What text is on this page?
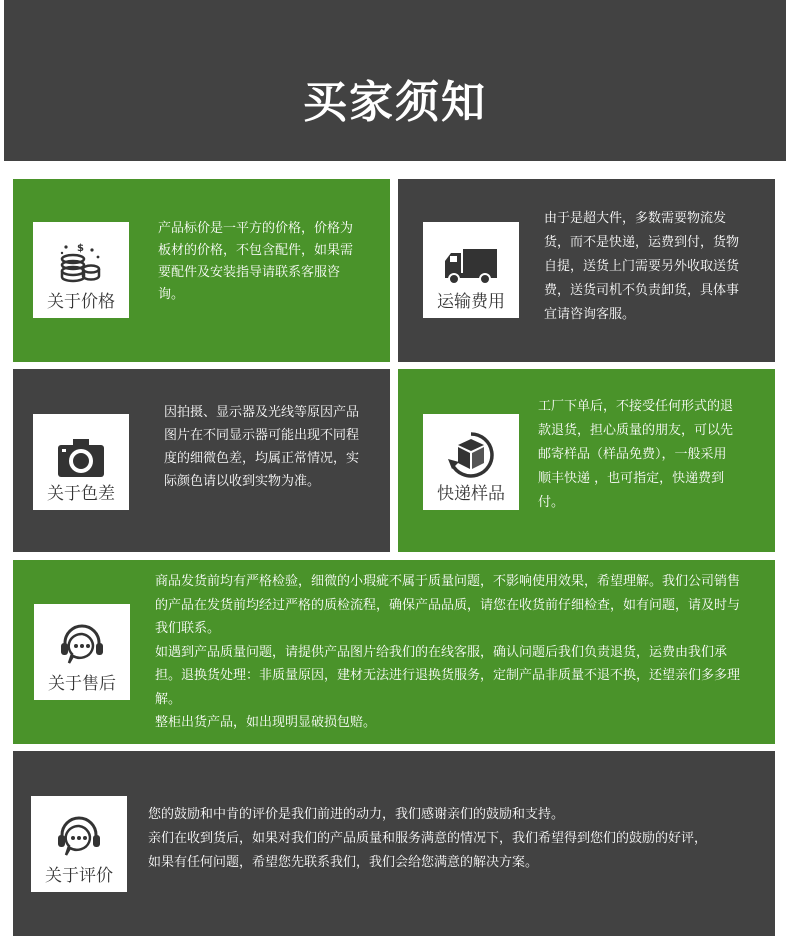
买家须知
$
关于价格
产品标价是一平方的价格，价格为板材的价格，不包含配件，如果需要配件及安装指导请联系客服咨询。	运输费用
由于是超大件，多数需要物流发货，而不是快递，运费到付，货物自提，送货上门需要另外收取送货费，送货司机不负责卸货，具体事宜请咨询客服。
关于色差
因拍摄、显示器及光线等原因产品图片在不同显示器可能出现不同程度的细微色差，均属正常情况，实际颜色请以收到实物为准。
快递样品
工厂下单后，不接受任何形式的退款退货，担心质量的朋友，可以先邮寄样品（样品免费），一般采用顺丰快递 ，也可指定，快递费到付。
关于售后

商品发货前均有严格检验，细微的小瑕疵不属于质量问题，不影响使用效果，希望理解。我们公司销售的产品在发货前均经过严格的质检流程，确保产品品质，请您在收货前仔细检查，如有问题，请及时与我们联系。

如遇到产品质量问题，请提供产品图片给我们的在线客服，确认问题后我们负责退货，运费由我们承担。退换货处理：非质量原因，建材无法进行退换货服务，定制产品非质量不退不换，还望亲们多多理解。

整柜出货产品，如出现明显破损包赔。

关于评价

您的鼓励和中肯的评价是我们前进的动力，我们感谢亲们的鼓励和支持。

亲们在收到货后，如果对我们的产品质量和服务满意的情况下，我们希望得到您们的鼓励的好评，

如果有任何问题，希望您先联系我们，我们会给您满意的解决方案。
